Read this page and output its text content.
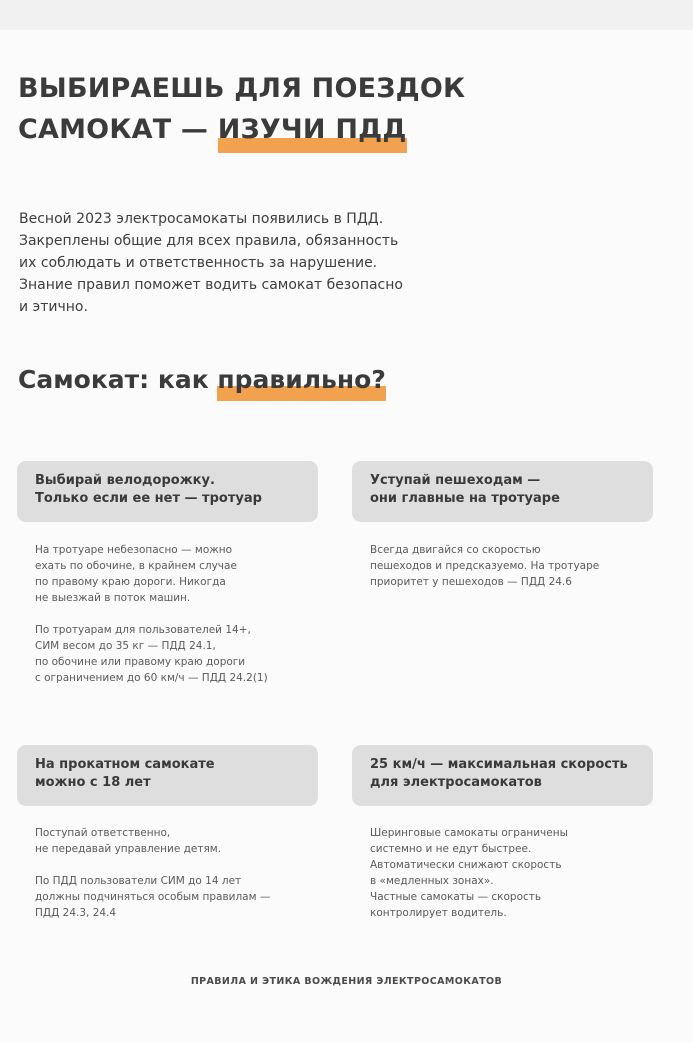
ВЫБИРАЕШЬ ДЛЯ ПОЕЗДОК
САМОКАТ — ИЗУЧИ ПДД

Весной 2023 электросамокаты появились в ПДД.
Закреплены общие для всех правила, обязанность
их соблюдать и ответственность за нарушение.
Знание правил поможет водить самокат безопасно
и этично.

Самокат: как правильно?
Выбирай велодорожку.
Только если ее нет — тротуар
На тротуаре небезопасно — можно
ехать по обочине, в крайнем случае
по правому краю дороги. Никогда
не выезжай в поток машин.
По тротуарам для пользователей 14+,
СИМ весом до 35 кг — ПДД 24.1,
по обочине или правому краю дороги
с ограничением до 60 км/ч — ПДД 24.2(1)
Уступай пешеходам —
они главные на тротуаре
Всегда двигайся со скоростью
пешеходов и предсказуемо. На тротуаре
приоритет у пешеходов — ПДД 24.6
На прокатном самокате
можно с 18 лет
Поступай ответственно,
не передавай управление детям.
По ПДД пользователи СИМ до 14 лет
должны подчиняться особым правилам —
ПДД 24.3, 24.4
25 км/ч — максимальная скорость
для электросамокатов
Шеринговые самокаты ограничены
системно и не едут быстрее.
Автоматически снижают скорость
в «медленных зонах».
Частные самокаты — скорость
контролирует водитель.
ПРАВИЛА И ЭТИКА ВОЖДЕНИЯ ЭЛЕКТРОСАМОКАТОВ
